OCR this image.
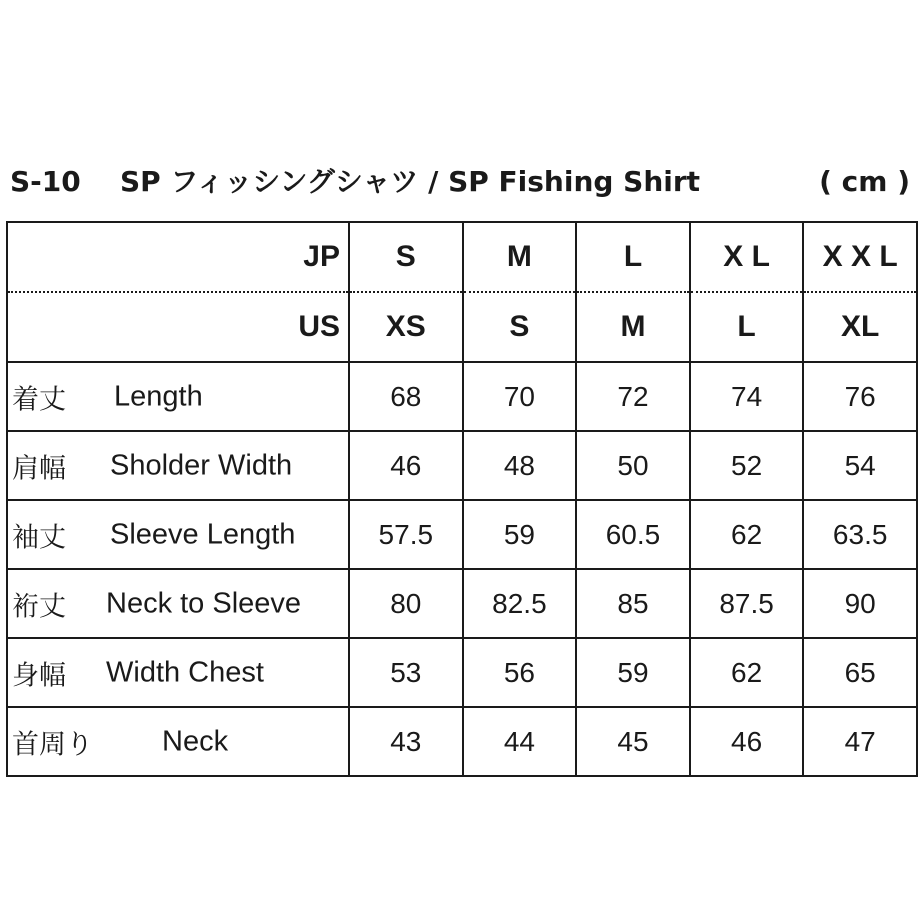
S-10 SP フィッシングシャツ / SP Fishing Shirt	( cm )
JP	S	M	L	X L	X X L
US	XS	S	M	L	XL

着丈 Length	68	70	72	74	76

肩幅 Sholder Width	46	48	50	52	54

袖丈 Sleeve Length	57.5	59	60.5	62	63.5

裄丈 Neck to Sleeve	80	82.5	85	87.5	90

身幅 Width Chest	53	56	59	62	65

首周り Neck	43	44	45	46	47
